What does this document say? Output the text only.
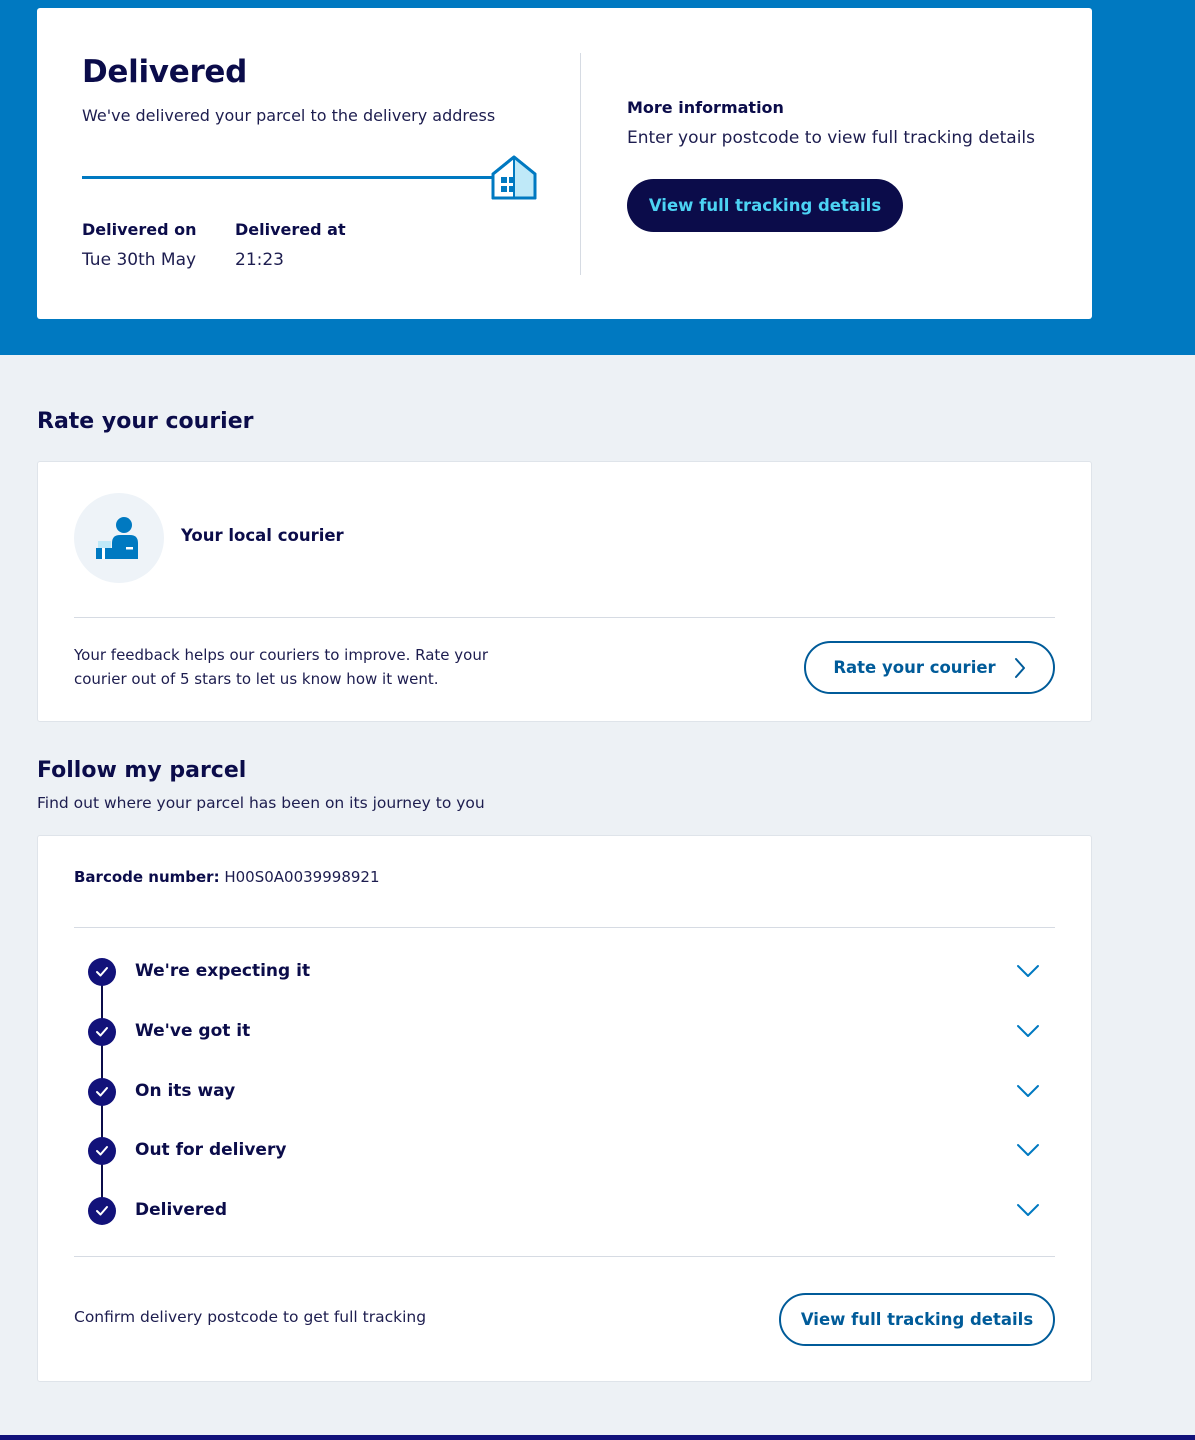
Delivered
We've delivered your parcel to the delivery address
Delivered on
Tue 30th May
Delivered at
21:23
More information
Enter your postcode to view full tracking details
View full tracking details
Rate your courier
Your local courier
Your feedback helps our couriers to improve. Rate your courier out of 5 stars to let us know how it went.
Rate your courier
Follow my parcel
Find out where your parcel has been on its journey to you
Barcode number: H00S0A0039998921
We're expecting it
We've got it
On its way
Out for delivery
Delivered
Confirm delivery postcode to get full tracking	View full tracking details
